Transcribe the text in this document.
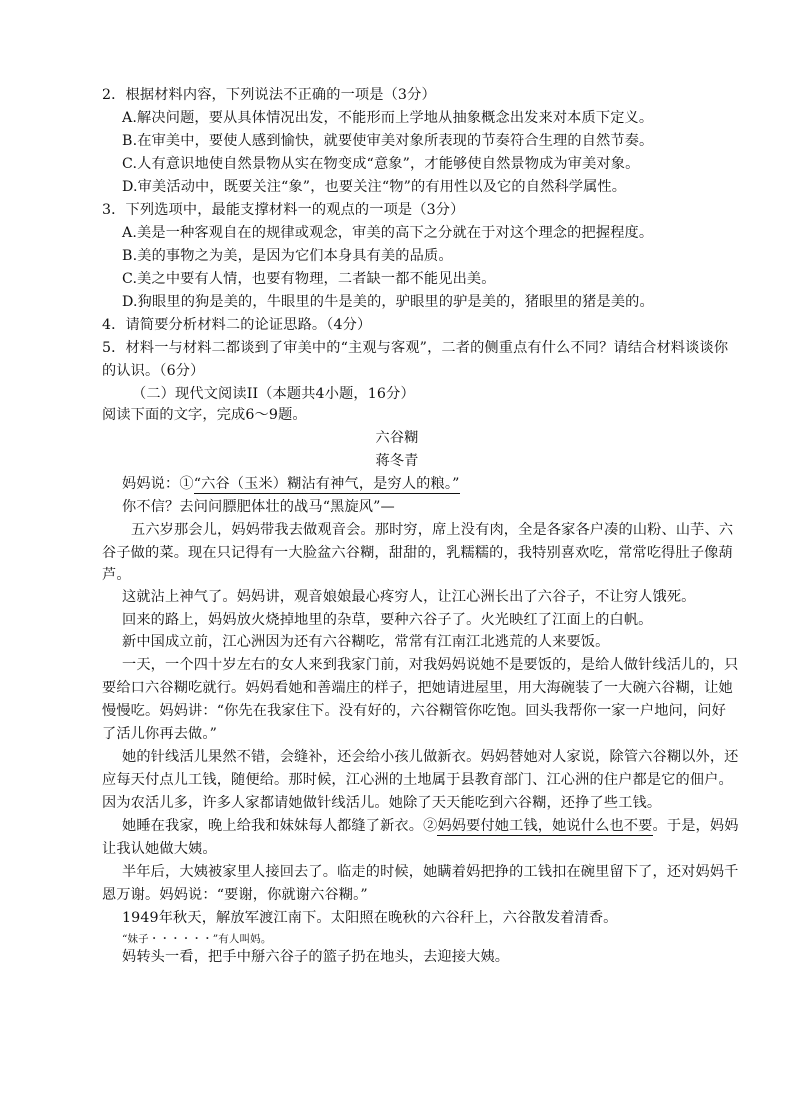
2．根据材料内容，下列说法不正确的一项是（3分）
A.解决问题，要从具体情况出发，不能形而上学地从抽象概念出发来对本质下定义。
B.在审美中，要使人感到愉快，就要使审美对象所表现的节奏符合生理的自然节奏。
C.人有意识地使自然景物从实在物变成“意象”，才能够使自然景物成为审美对象。
D.审美活动中，既要关注“象”，也要关注“物”的有用性以及它的自然科学属性。
3．下列选项中，最能支撑材料一的观点的一项是（3分）
A.美是一种客观自在的规律或观念，审美的高下之分就在于对这个理念的把握程度。
B.美的事物之为美，是因为它们本身具有美的品质。
C.美之中要有人情，也要有物理，二者缺一都不能见出美。
D.狗眼里的狗是美的，牛眼里的牛是美的，驴眼里的驴是美的，猪眼里的猪是美的。
4．请简要分析材料二的论证思路。（4分）
5．材料一与材料二都谈到了审美中的“主观与客观”，二者的侧重点有什么不同？请结合材料谈谈你
的认识。（6分）
（二）现代文阅读II（本题共4小题，16分）
阅读下面的文字，完成6～9题。
六谷糊
蒋冬青
妈妈说：①“六谷（玉米）糊沾有神气，是穷人的粮。”
你不信？去问问膘肥体壮的战马“黑旋风”—
五六岁那会儿，妈妈带我去做观音会。那时穷，席上没有肉，全是各家各户凑的山粉、山芋、六
谷子做的菜。现在只记得有一大脸盆六谷糊，甜甜的，乳糯糯的，我特别喜欢吃，常常吃得肚子像葫
芦。
这就沾上神气了。妈妈讲，观音娘娘最心疼穷人，让江心洲长出了六谷子，不让穷人饿死。
回来的路上，妈妈放火烧掉地里的杂草，要种六谷子了。火光映红了江面上的白帆。
新中国成立前，江心洲因为还有六谷糊吃，常常有江南江北逃荒的人来要饭。
一天，一个四十岁左右的女人来到我家门前，对我妈妈说她不是要饭的，是给人做针线活儿的，只
要给口六谷糊吃就行。妈妈看她和善端庄的样子，把她请进屋里，用大海碗装了一大碗六谷糊，让她
慢慢吃。妈妈讲：“你先在我家住下。没有好的，六谷糊管你吃饱。回头我帮你一家一户地问，问好
了活儿你再去做。”
她的针线活儿果然不错，会缝补，还会给小孩儿做新衣。妈妈替她对人家说，除管六谷糊以外，还
应每天付点儿工钱，随便给。那时候，江心洲的土地属于县教育部门、江心洲的住户都是它的佃户。
因为农活儿多，许多人家都请她做针线活儿。她除了天天能吃到六谷糊，还挣了些工钱。
她睡在我家，晚上给我和妹妹每人都缝了新衣。②妈妈要付她工钱，她说什么也不要。于是，妈妈
让我认她做大姨。
半年后，大姨被家里人接回去了。临走的时候，她瞒着妈把挣的工钱扣在碗里留下了，还对妈妈千
恩万谢。妈妈说：“要谢，你就谢六谷糊。”
1949年秋天，解放军渡江南下。太阳照在晚秋的六谷秆上，六谷散发着清香。
“妹子・・・・・・”有人叫妈。
妈转头一看，把手中掰六谷子的篮子扔在地头，去迎接大姨。
